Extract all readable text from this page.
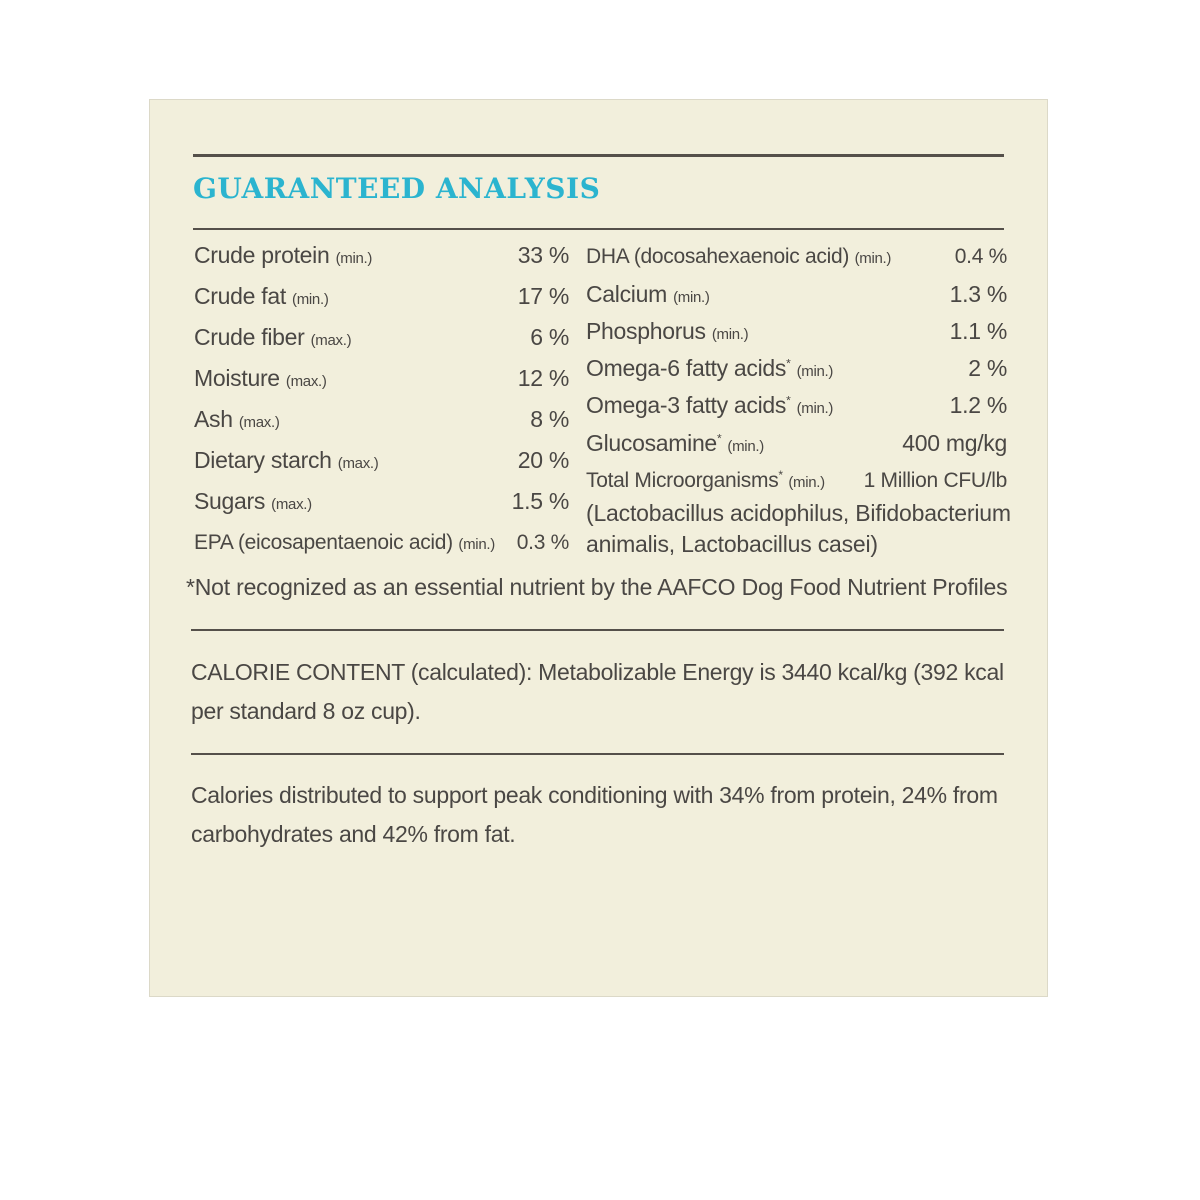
GUARANTEED ANALYSIS
Crude protein (min.)	33 %
Crude fat (min.)	17 %
Crude fiber (max.)	6 %
Moisture (max.)	12 %
Ash (max.)	8 %
Dietary starch (max.)	20 %
Sugars (max.)	1.5 %
EPA (eicosapentaenoic acid) (min.) 0.3 %
DHA (docosahexaenoic acid) (min.)	0.4 %
Calcium (min.)	1.3 %
Phosphorus (min.)	1.1 %
Omega-6 fatty acids* (min.)	2 %
Omega-3 fatty acids* (min.)	1.2 %
Glucosamine* (min.)	400 mg/kg
Total Microorganisms* (min.) 1 Million CFU/lb
(Lactobacillus acidophilus, Bifidobacterium
animalis, Lactobacillus casei)
*Not recognized as an essential nutrient by the AAFCO Dog Food Nutrient Profiles

CALORIE CONTENT (calculated): Metabolizable Energy is 3440 kcal/kg (392 kcal per standard 8 oz cup).

Calories distributed to support peak conditioning with 34% from protein, 24% from carbohydrates and 42% from fat.
